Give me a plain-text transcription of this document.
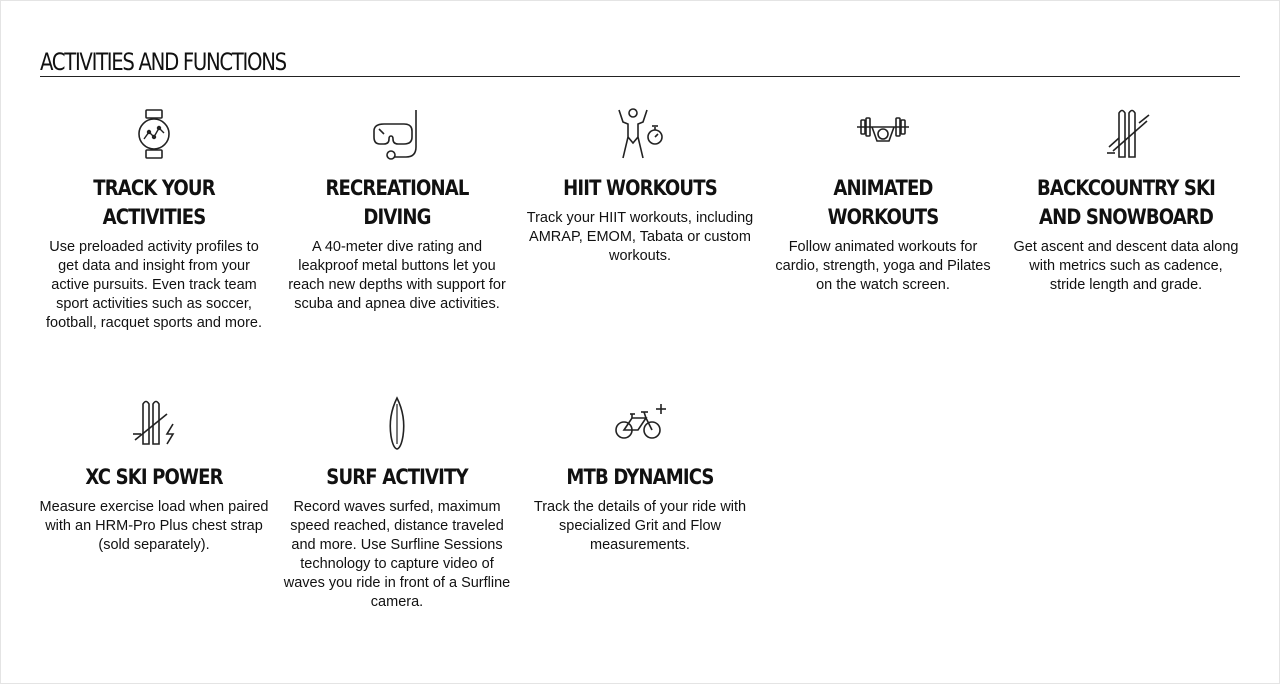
ACTIVITIES AND FUNCTIONS
TRACK YOUR ACTIVITIES

Use preloaded activity profiles to get data and insight from your active pursuits. Even track team sport activities such as soccer, football, racquet sports and more.

RECREATIONAL DIVING

A 40-meter dive rating and leakproof metal buttons let you reach new depths with support for scuba and apnea dive activities.

HIIT WORKOUTS

Track your HIIT workouts, including AMRAP, EMOM, Tabata or custom workouts.

ANIMATED WORKOUTS

Follow animated workouts for cardio, strength, yoga and Pilates on the watch screen.

BACKCOUNTRY SKI AND SNOWBOARD

Get ascent and descent data along with metrics such as cadence, stride length and grade.

XC SKI POWER

Measure exercise load when paired with an HRM-Pro Plus chest strap (sold separately).

SURF ACTIVITY

Record waves surfed, maximum speed reached, distance traveled and more. Use Surfline Sessions technology to capture video of waves you ride in front of a Surfline camera.

MTB DYNAMICS

Track the details of your ride with specialized Grit and Flow measurements.
